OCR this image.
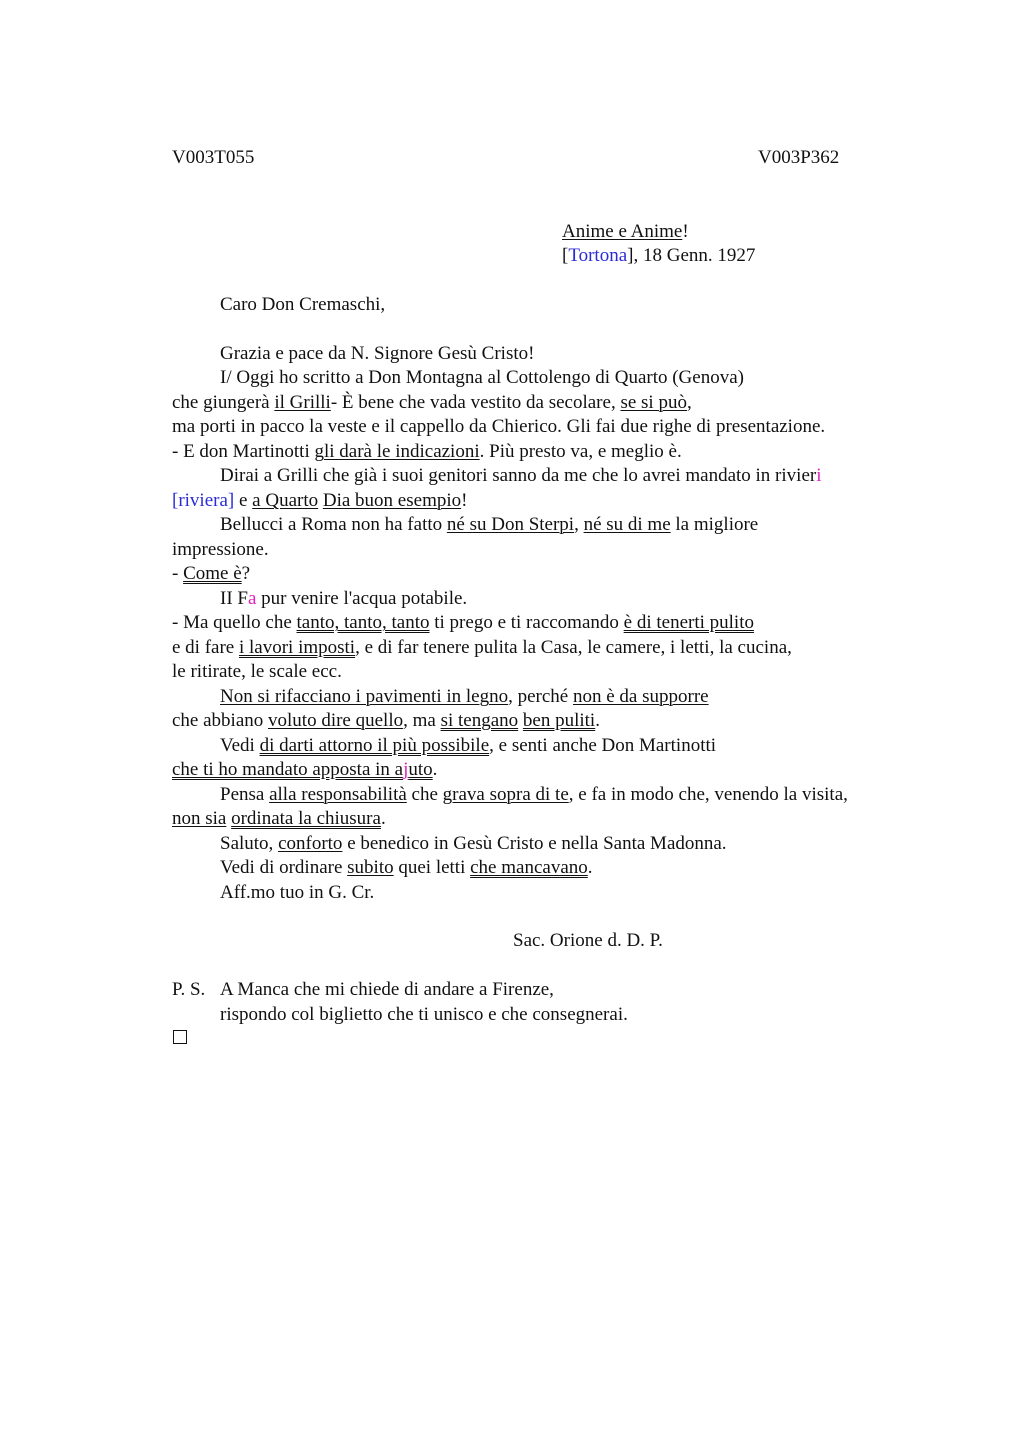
V003T055	V003P362
Anime e Anime!
[Tortona], 18 Genn. 1927
Caro Don Cremaschi,
Grazia e pace da N. Signore Gesù Cristo!
I/ Oggi ho scritto a Don Montagna al Cottolengo di Quarto (Genova)
che giungerà il Grilli- È bene che vada vestito da secolare, se si può,
ma porti in pacco la veste e il cappello da Chierico. Gli fai due righe di presentazione.
- E don Martinotti gli darà le indicazioni. Più presto va, e meglio è.
Dirai a Grilli che già i suoi genitori sanno da me che lo avrei mandato in rivieri
[riviera] e a Quarto Dia buon esempio!
Bellucci a Roma non ha fatto né su Don Sterpi, né su di me la migliore
impressione.
- Come è?
II Fa pur venire l'acqua potabile.
- Ma quello che tanto, tanto, tanto ti prego e ti raccomando è di tenerti pulito
e di fare i lavori imposti, e di far tenere pulita la Casa, le camere, i letti, la cucina,
le ritirate, le scale ecc.
Non si rifacciano i pavimenti in legno, perché non è da supporre
che abbiano voluto dire quello, ma si tengano ben puliti.
Vedi di darti attorno il più possibile, e senti anche Don Martinotti
che ti ho mandato apposta in ajuto.
Pensa alla responsabilità che grava sopra di te, e fa in modo che, venendo la visita,
non sia ordinata la chiusura.
Saluto, conforto e benedico in Gesù Cristo e nella Santa Madonna.
Vedi di ordinare subito quei letti che mancavano.
Aff.mo tuo in G. Cr.
Sac. Orione d. D. P.
P. S. A Manca che mi chiede di andare a Firenze,
rispondo col biglietto che ti unisco e che consegnerai.
